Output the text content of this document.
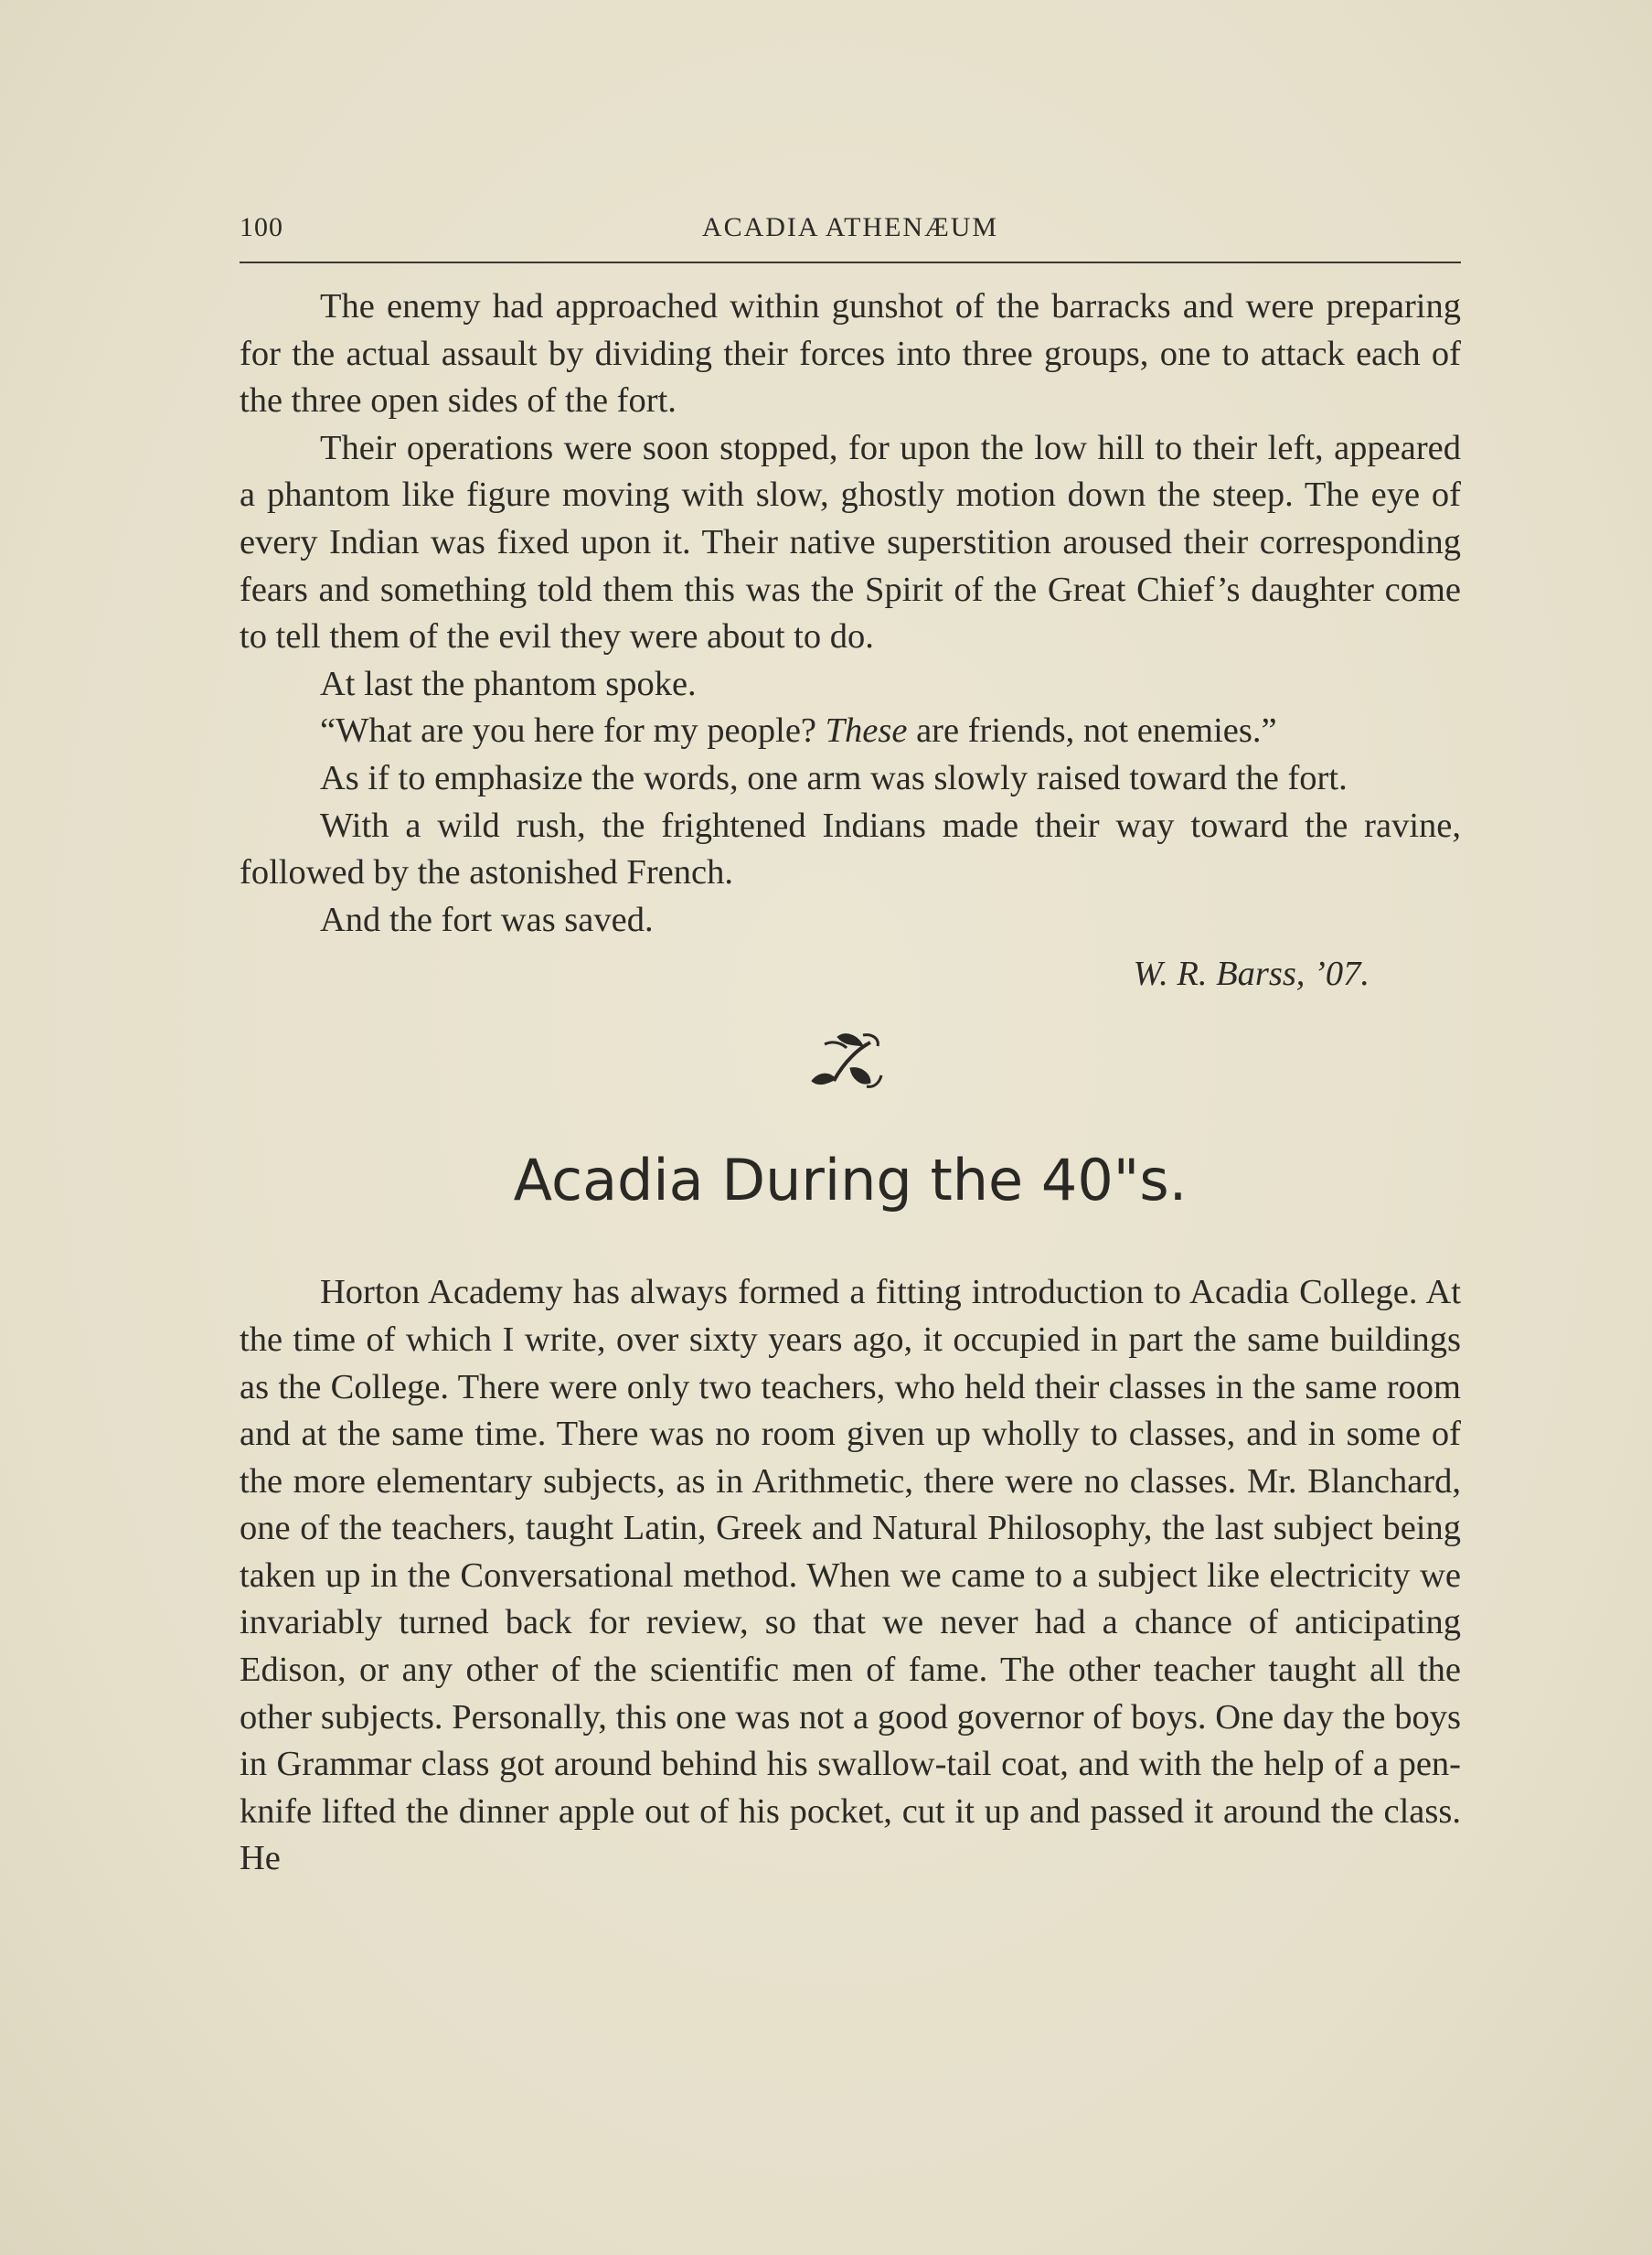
100	ACADIA ATHENÆUM

The enemy had approached within gunshot of the barracks and were preparing for the actual assault by dividing their forces into three groups, one to attack each of the three open sides of the fort.

Their operations were soon stopped, for upon the low hill to their left, appeared a phantom like figure moving with slow, ghostly motion down the steep. The eye of every Indian was fixed upon it. Their native superstition aroused their corresponding fears and something told them this was the Spirit of the Great Chief’s daughter come to tell them of the evil they were about to do.

At last the phantom spoke.

“What are you here for my people? These are friends, not enemies.”

As if to emphasize the words, one arm was slowly raised toward the fort.

With a wild rush, the frightened Indians made their way toward the ravine, followed by the astonished French.

And the fort was saved.

W. R. Barss, ’07.

Acadia During the 40"s.

Horton Academy has always formed a fitting introduction to Acadia College. At the time of which I write, over sixty years ago, it occupied in part the same buildings as the College. There were only two teachers, who held their classes in the same room and at the same time. There was no room given up wholly to classes, and in some of the more elementary subjects, as in Arithmetic, there were no classes. Mr. Blanchard, one of the teachers, taught Latin, Greek and Natural Philosophy, the last subject being taken up in the Conversational method. When we came to a subject like electricity we invariably turned back for review, so that we never had a chance of anticipating Edison, or any other of the scientific men of fame. The other teacher taught all the other subjects. Personally, this one was not a good governor of boys. One day the boys in Grammar class got around behind his swallow-tail coat, and with the help of a pen-knife lifted the dinner apple out of his pocket, cut it up and passed it around the class. He
